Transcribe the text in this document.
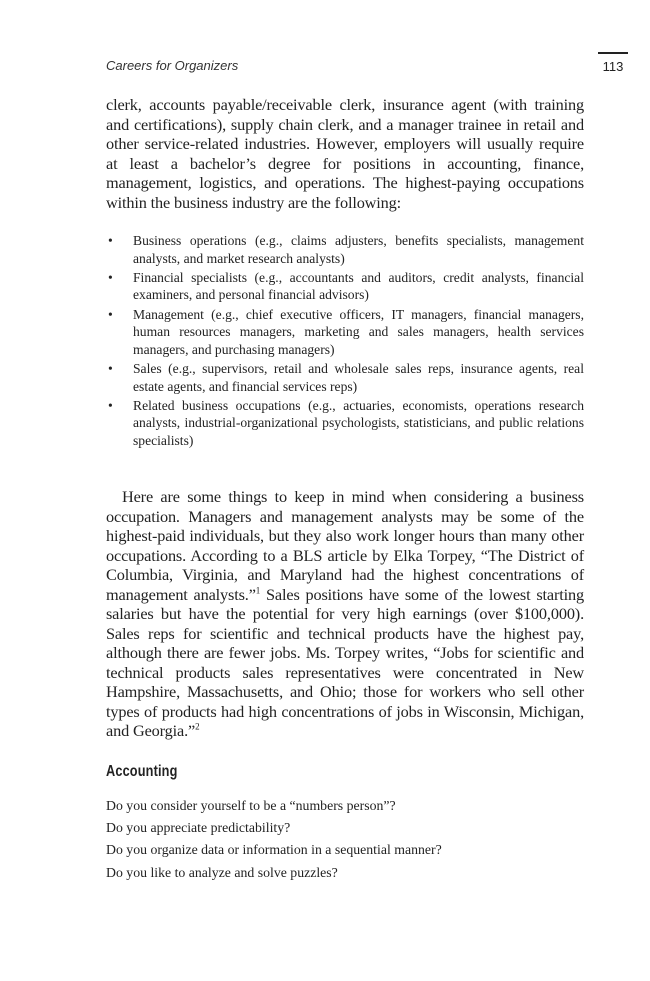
Careers for Organizers	113

clerk, accounts payable/receivable clerk, insurance agent (with training and certifications), supply chain clerk, and a manager trainee in retail and other service-related industries. However, employers will usually require at least a bachelor’s degree for positions in accounting, finance, management, logistics, and operations. The highest-paying occupations within the business industry are the following:

• Business operations (e.g., claims adjusters, benefits specialists, management analysts, and market research analysts)
• Financial specialists (e.g., accountants and auditors, credit analysts, financial examiners, and personal financial advisors)
• Management (e.g., chief executive officers, IT managers, financial managers, human resources managers, marketing and sales managers, health services managers, and purchasing managers)
• Sales (e.g., supervisors, retail and wholesale sales reps, insurance agents, real estate agents, and financial services reps)
• Related business occupations (e.g., actuaries, economists, operations research analysts, industrial-organizational psychologists, statisticians, and public relations specialists)

Here are some things to keep in mind when considering a business occupation. Managers and management analysts may be some of the highest-paid individuals, but they also work longer hours than many other occupations. According to a BLS article by Elka Torpey, “The District of Columbia, Virginia, and Maryland had the highest concentrations of management analysts.”$^1$ Sales positions have some of the lowest starting salaries but have the potential for very high earnings (over $100,000). Sales reps for scientific and technical products have the highest pay, although there are fewer jobs. Ms. Torpey writes, “Jobs for scientific and technical products sales representatives were concentrated in New Hampshire, Massachusetts, and Ohio; those for workers who sell other types of products had high concentrations of jobs in Wisconsin, Michigan, and Georgia.”$^2$

Accounting
Do you consider yourself to be a “numbers person”?
Do you appreciate predictability?
Do you organize data or information in a sequential manner?
Do you like to analyze and solve puzzles?
